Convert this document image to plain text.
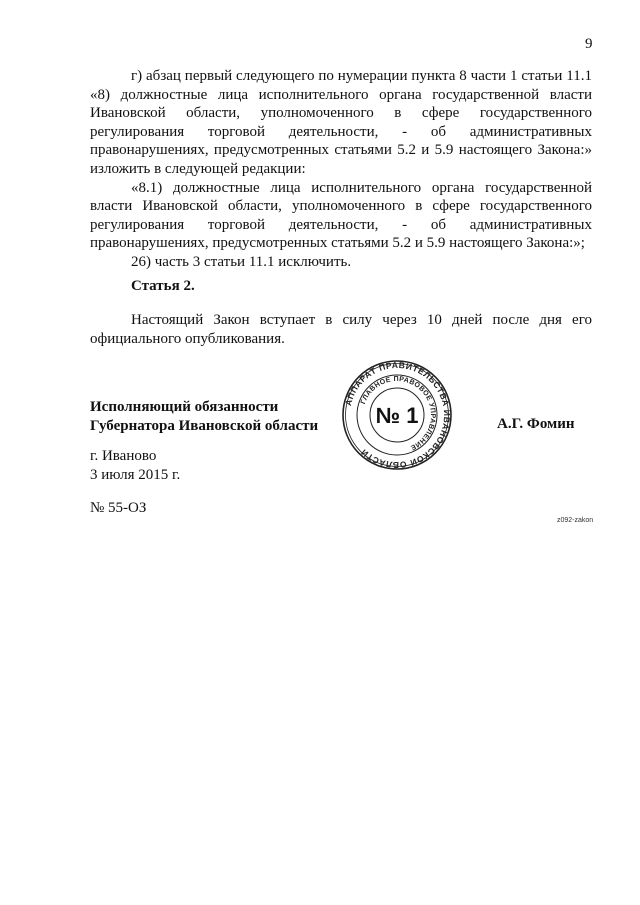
9

г) абзац первый следующего по нумерации пункта 8 части 1 статьи 11.1 «8) должностные лица исполнительного органа государственной власти Ивановской области, уполномоченного в сфере государственного регулирования торговой деятельности, - об административных правонарушениях, предусмотренных статьями 5.2 и 5.9 настоящего Закона:» изложить в следующей редакции:

«8.1) должностные лица исполнительного органа государственной власти Ивановской области, уполномоченного в сфере государственного регулирования торговой деятельности, - об административных правонарушениях, предусмотренных статьями 5.2 и 5.9 настоящего Закона:»;

26) часть 3 статьи 11.1 исключить.

Статья 2.

Настоящий Закон вступает в силу через 10 дней после дня его официального опубликования.

Исполняющий обязанности
Губернатора Ивановской области
АППАРАТ ПРАВИТЕЛЬСТВА ИВАНОВСКОЙ ОБЛАСТИ
ГЛАВНОЕ ПРАВОВОЕ УПРАВЛЕНИЕ
№ 1	А.Г. Фомин
г. Иваново
3 июля 2015 г.
№ 55-ОЗ
z092-zakon
